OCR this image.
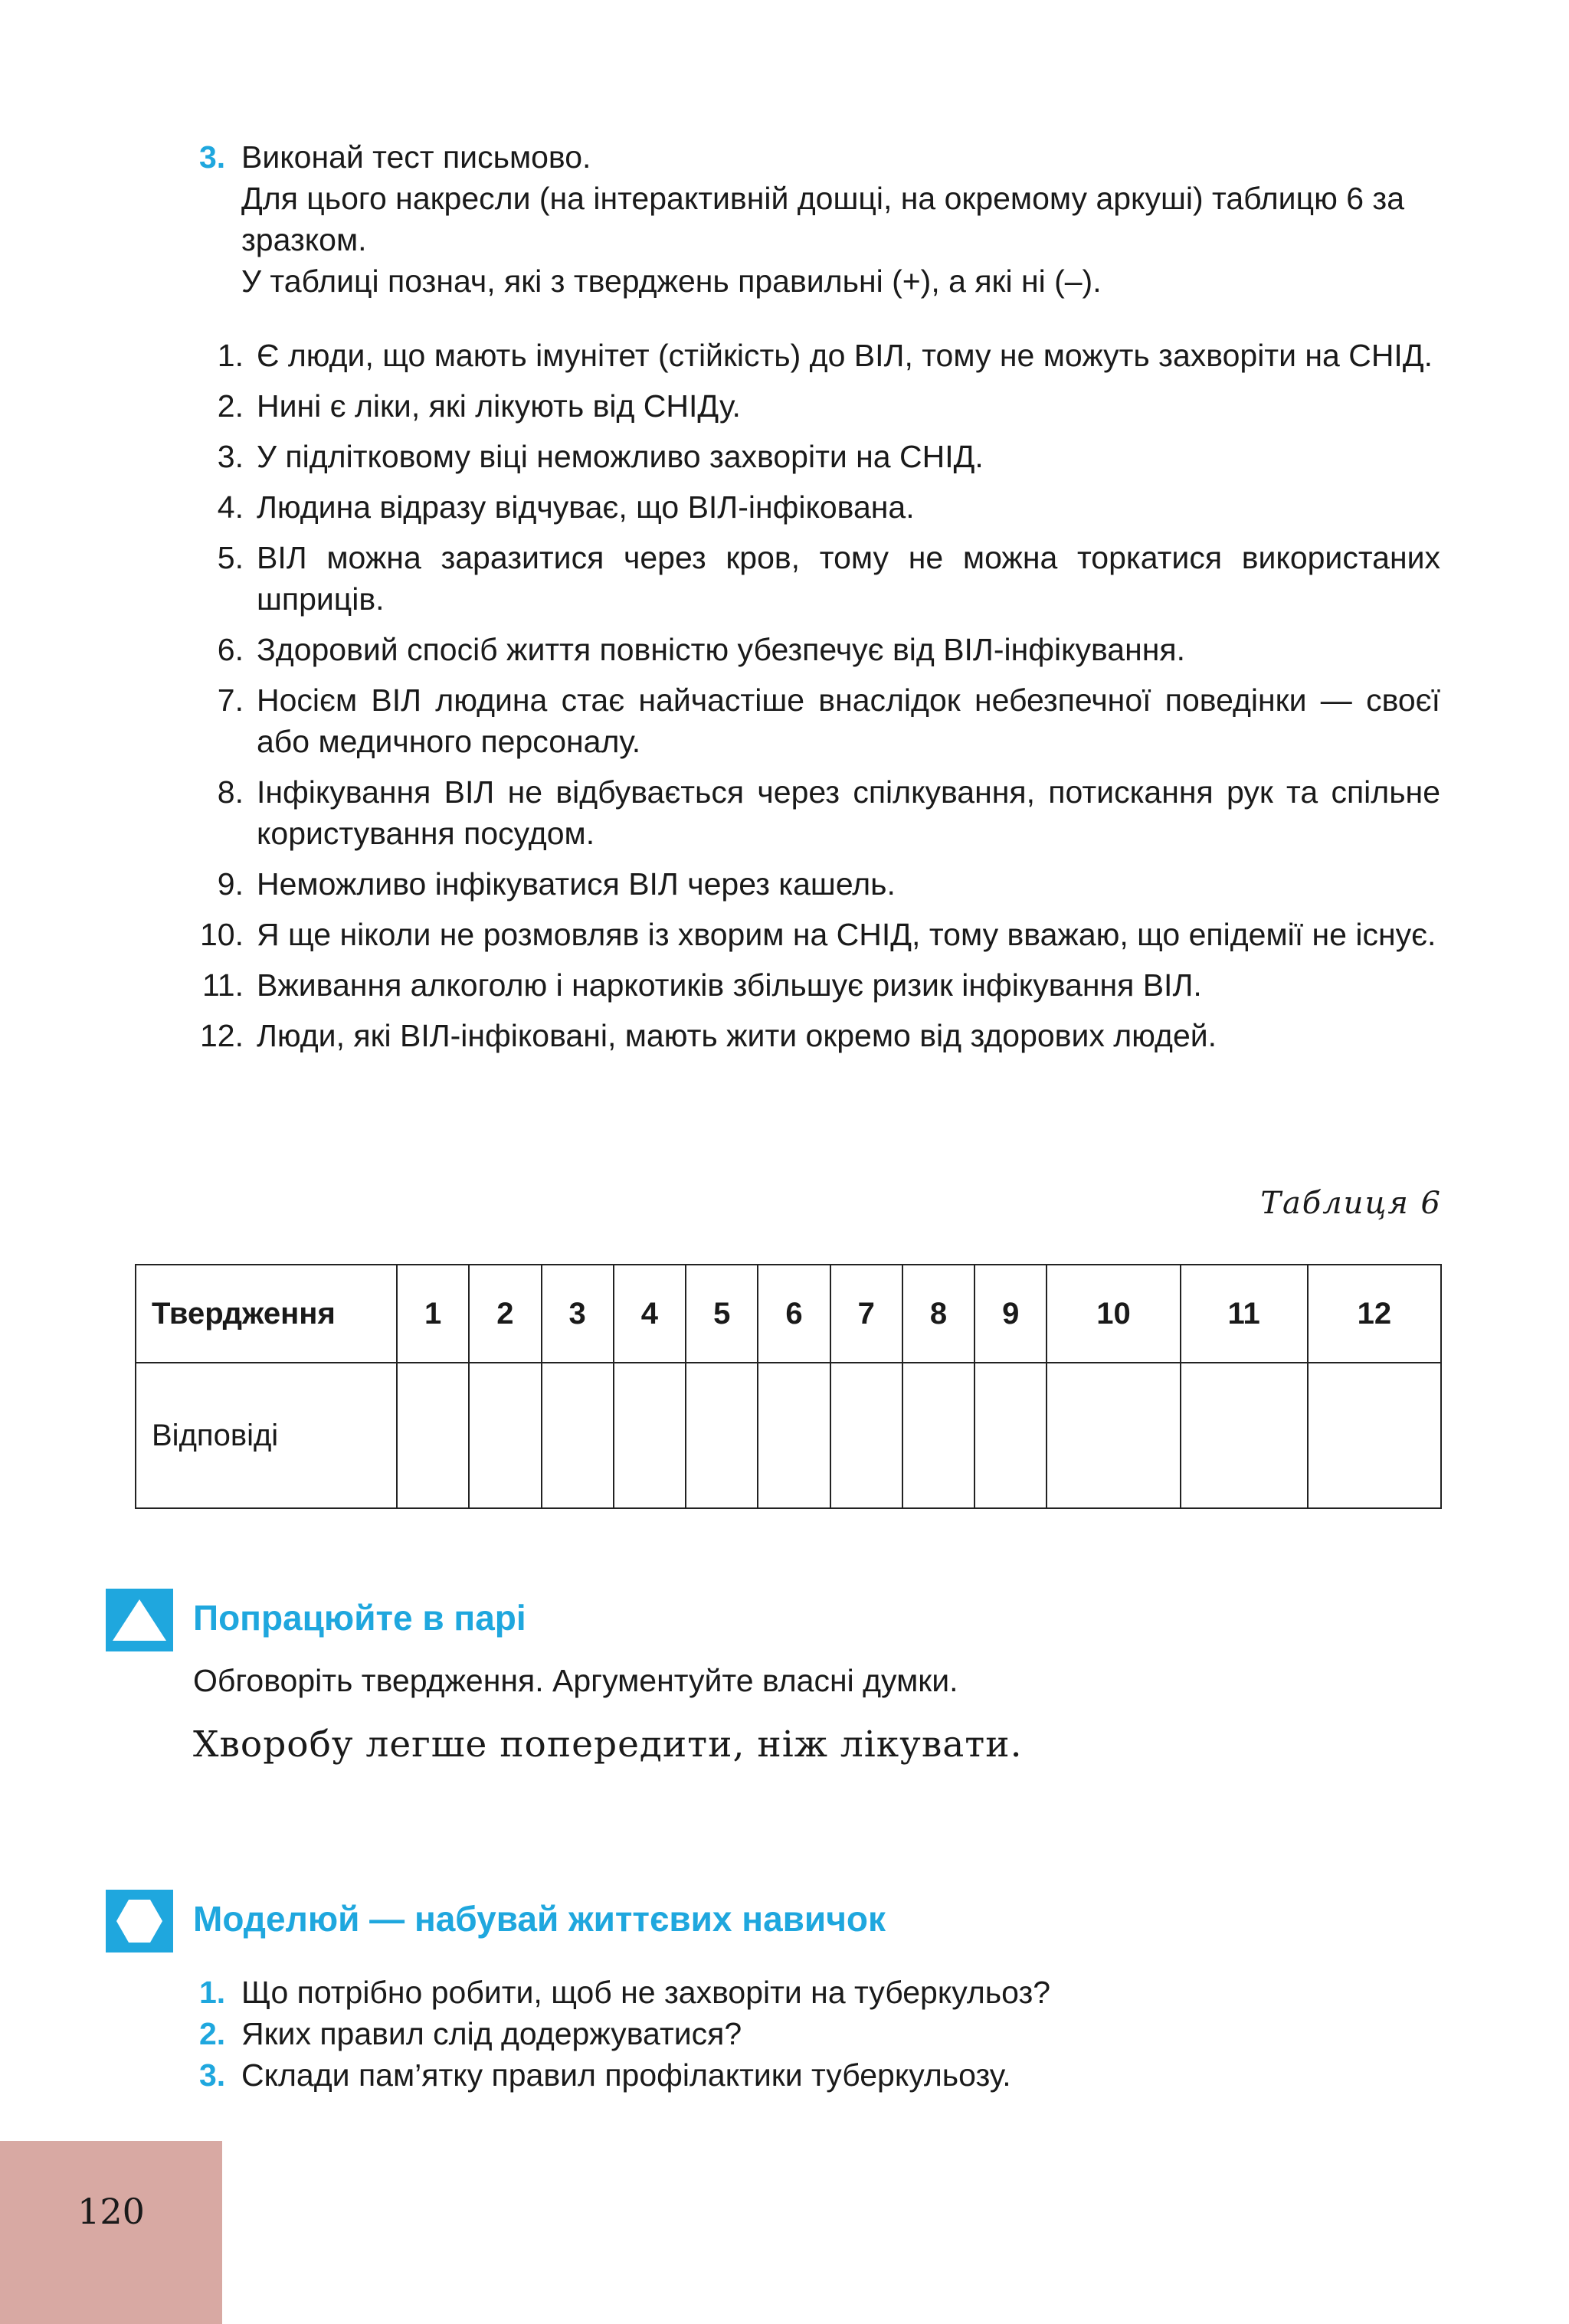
3. Виконай тест письмово.

Для цього накресли (на інтерактивній дошці, на окремому аркуші) таблицю 6 за зразком.

У таблиці познач, які з тверджень правильні (+), а які ні (–).

1. Є люди, що мають імунітет (стійкість) до ВІЛ, тому не можуть захворіти на СНІД.
2. Нині є ліки, які лікують від СНІДу.
3. У підлітковому віці неможливо захворіти на СНІД.
4. Людина відразу відчуває, що ВІЛ-інфікована.
5. ВІЛ можна заразитися через кров, тому не можна торкатися використаних шприців.
6. Здоровий спосіб життя повністю убезпечує від ВІЛ-інфікування.
7. Носієм ВІЛ людина стає найчастіше внаслідок небезпечної поведінки — своєї або медичного персоналу.
8. Інфікування ВІЛ не відбувається через спілкування, потискання рук та спільне користування посудом.
9. Неможливо інфікуватися ВІЛ через кашель.
10. Я ще ніколи не розмовляв із хворим на СНІД, тому вважаю, що епідемії не існує.
11. Вживання алкоголю і наркотиків збільшує ризик інфікування ВІЛ.
12. Люди, які ВІЛ-інфіковані, мають жити окремо від здорових людей.
Таблиця 6
Твердження	1	2	3	4	5	6	7	8	9	10	11	12
Відповіді												
Попрацюйте в парі
Обговоріть твердження. Аргументуйте власні думки.
Хворобу легше попередити, ніж лікувати.
Моделюй — набувай життєвих навичок
1. Що потрібно робити, щоб не захворіти на туберкульоз?
2. Яких правил слід додержуватися?
3. Склади пам’ятку правил профілактики туберкульозу.
120
